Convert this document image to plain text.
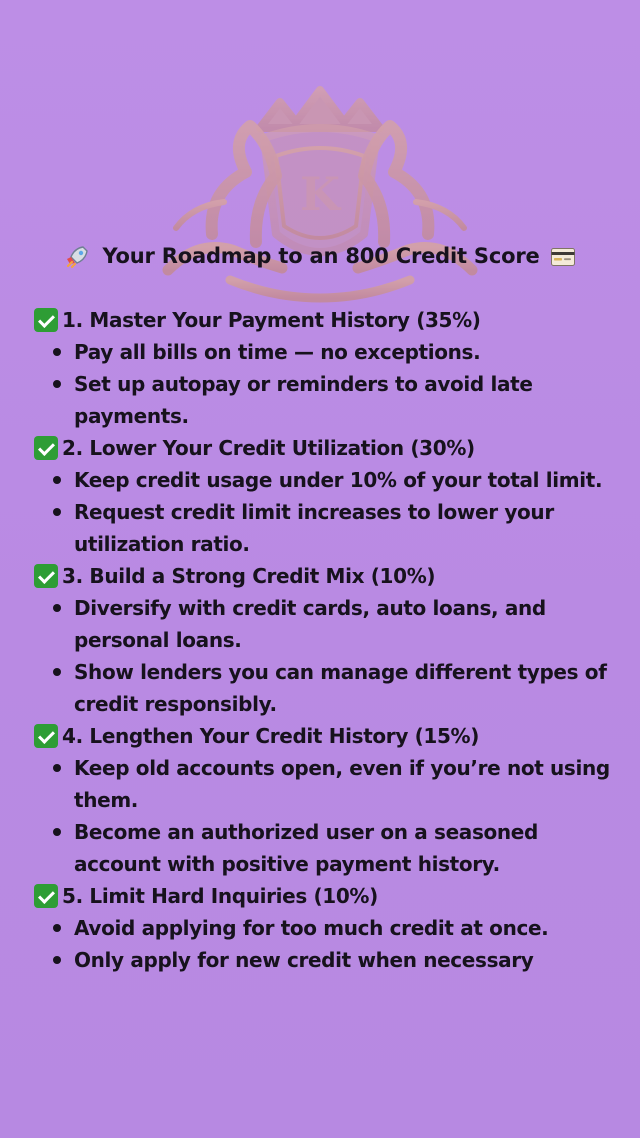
K
Your Roadmap to an 800 Credit Score
1. Master Your Payment History (35%)
Pay all bills on time — no exceptions.
Set up autopay or reminders to avoid late payments.
2. Lower Your Credit Utilization (30%)
Keep credit usage under 10% of your total limit.
Request credit limit increases to lower your utilization ratio.
3. Build a Strong Credit Mix (10%)
Diversify with credit cards, auto loans, and personal loans.
Show lenders you can manage different types of credit responsibly.
4. Lengthen Your Credit History (15%)
Keep old accounts open, even if you’re not using them.
Become an authorized user on a seasoned account with positive payment history.
5. Limit Hard Inquiries (10%)
Avoid applying for too much credit at once.
Only apply for new credit when necessary
